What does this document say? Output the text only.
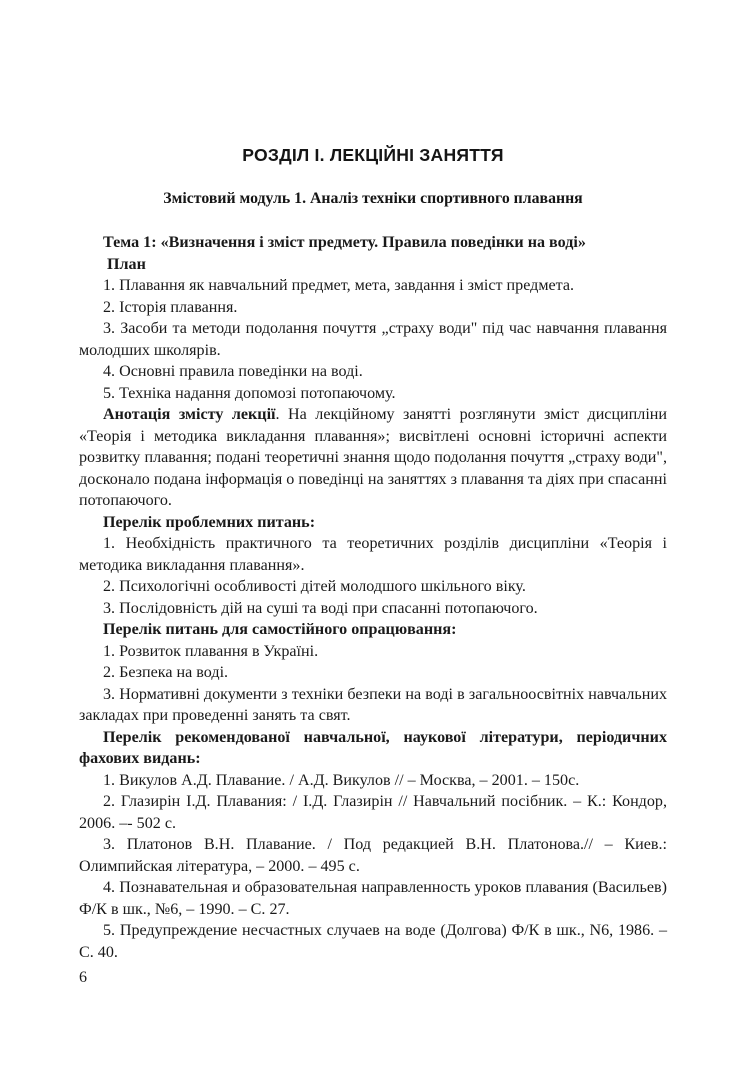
РОЗДІЛ І. ЛЕКЦІЙНІ ЗАНЯТТЯ
Змістовий модуль 1. Аналіз техніки спортивного плавання

Тема 1: «Визначення і зміст предмету. Правила поведінки на воді»

План

1. Плавання як навчальний предмет, мета, завдання і зміст предмета.

2. Історія плавання.

3. Засоби та методи подолання почуття „страху води" під час навчання плавання молодших школярів.

4. Основні правила поведінки на воді.

5. Техніка надання допомозі потопаючому.

Анотація змісту лекції. На лекційному занятті розглянути зміст дисципліни «Теорія і методика викладання плавання»; висвітлені основні історичні аспекти розвитку плавання; подані теоретичні знання щодо подолання почуття „страху води", досконало подана інформація о поведінці на заняттях з плавання та діях при спасанні потопаючого.

Перелік проблемних питань:

1. Необхідність практичного та теоретичних розділів дисципліни «Теорія і методика викладання плавання».

2. Психологічні особливості дітей молодшого шкільного віку.

3. Послідовність дій на суші та воді при спасанні потопаючого.

Перелік питань для самостійного опрацювання:

1. Розвиток плавання в Україні.

2. Безпека на воді.

3. Нормативні документи з техніки безпеки на воді в загальноосвітніх навчальних закладах при проведенні занять та свят.

Перелік рекомендованої навчальної, наукової літератури, періодичних фахових видань:

1. Викулов А.Д. Плавание. / А.Д. Викулов // – Москва, – 2001. – 150с.

2. Глазирін І.Д. Плавания: / І.Д. Глазирін // Навчальний посібник. – К.: Кондор, 2006. –- 502 с.

3. Платонов В.Н. Плавание. / Под редакцией В.Н. Платонова.// – Киев.: Олимпийская література, – 2000. – 495 с.

4. Познавательная и образовательная направленность уроков плавания (Васильев) Ф/К в шк., №6, – 1990. – С. 27.

5. Предупреждение несчастных случаев на воде (Долгова) Ф/К в шк., N6, 1986. – С. 40.

6
